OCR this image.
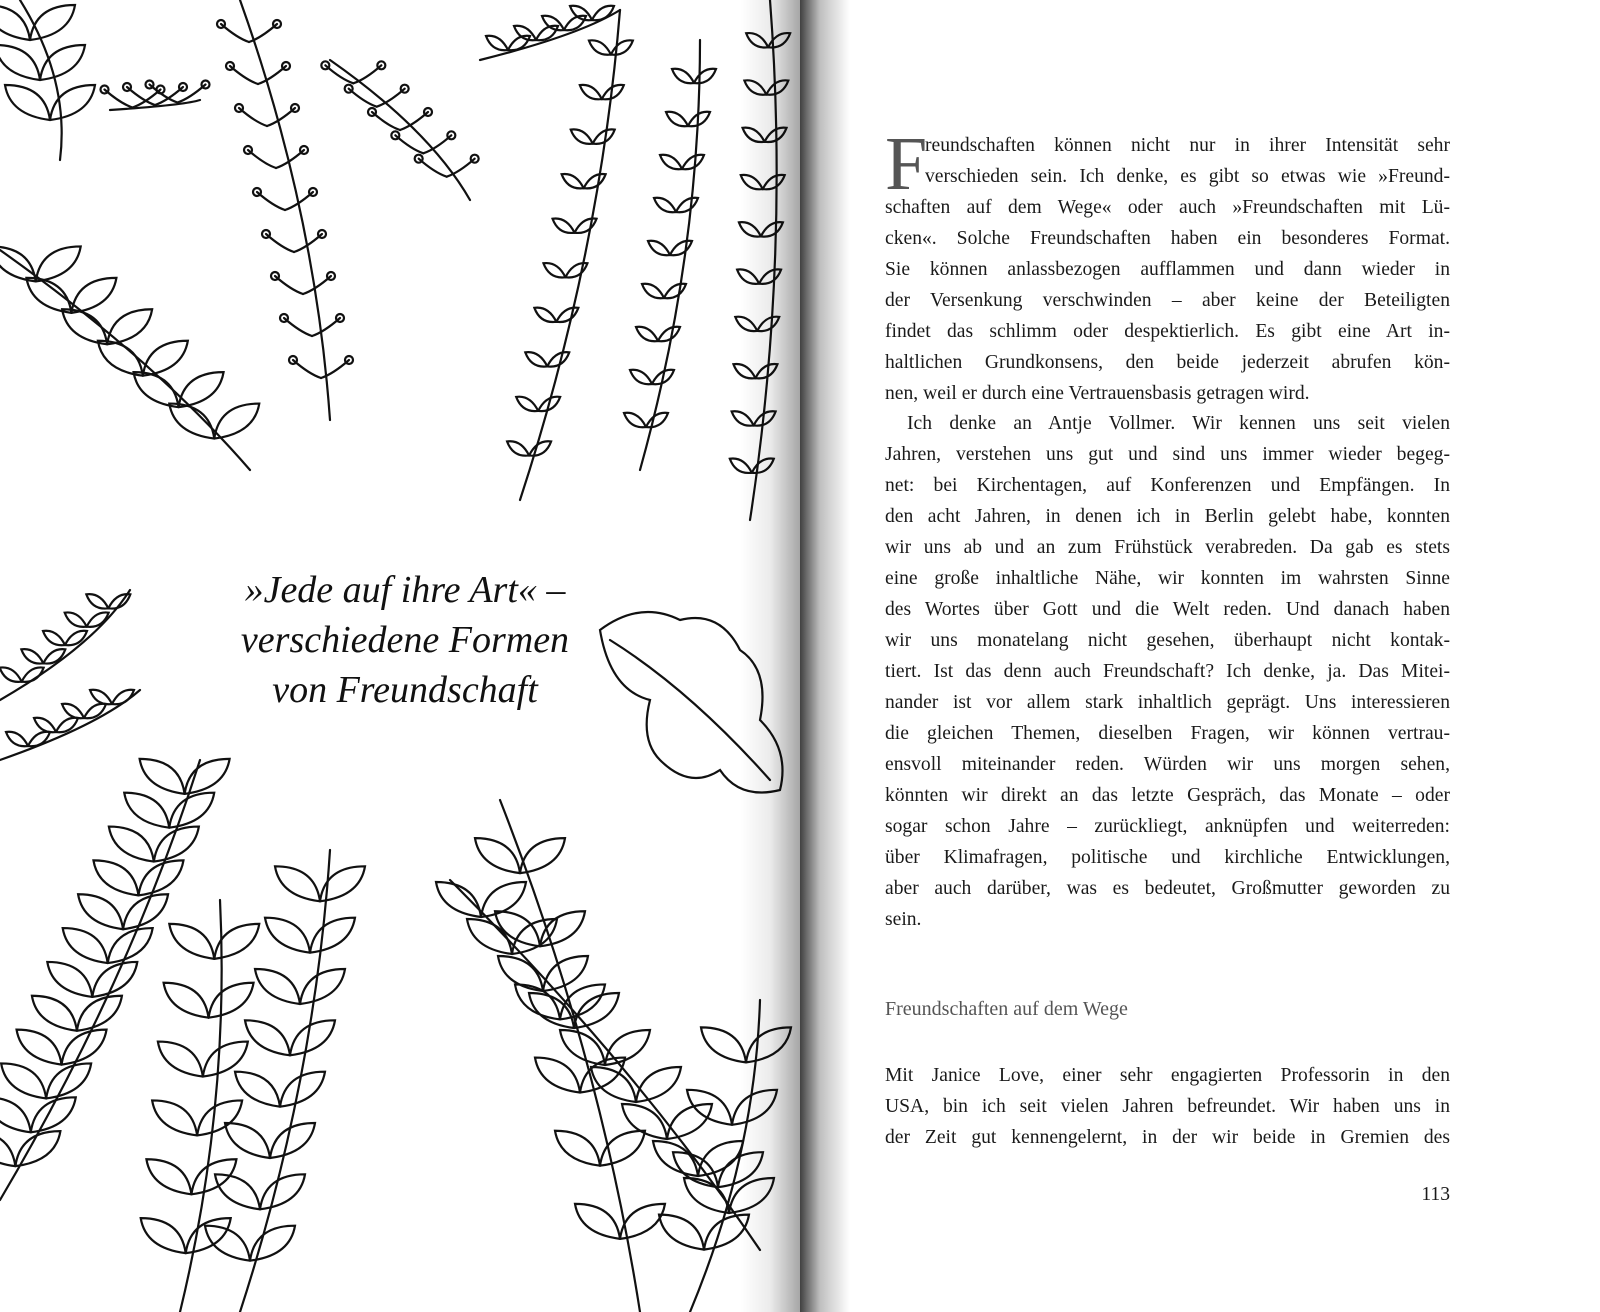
»Jede auf ihre Art« –
verschiedene Formen
von Freundschaft
F
reundschaften können nicht nur in ihrer Intensität sehr
verschieden sein. Ich denke, es gibt so etwas wie »Freund-
schaften auf dem Wege« oder auch »Freundschaften mit Lü-
cken«. Solche Freundschaften haben ein besonderes Format.
Sie können anlassbezogen aufflammen und dann wieder in
der Versenkung verschwinden – aber keine der Beteiligten
findet das schlimm oder despektierlich. Es gibt eine Art in-
haltlichen Grundkonsens, den beide jederzeit abrufen kön-
nen, weil er durch eine Vertrauensbasis getragen wird.
Ich denke an Antje Vollmer. Wir kennen uns seit vielen
Jahren, verstehen uns gut und sind uns immer wieder begeg-
net: bei Kirchentagen, auf Konferenzen und Empfängen. In
den acht Jahren, in denen ich in Berlin gelebt habe, konnten
wir uns ab und an zum Frühstück verabreden. Da gab es stets
eine große inhaltliche Nähe, wir konnten im wahrsten Sinne
des Wortes über Gott und die Welt reden. Und danach haben
wir uns monatelang nicht gesehen, überhaupt nicht kontak-
tiert. Ist das denn auch Freundschaft? Ich denke, ja. Das Mitei-
nander ist vor allem stark inhaltlich geprägt. Uns interessieren
die gleichen Themen, dieselben Fragen, wir können vertrau-
ensvoll miteinander reden. Würden wir uns morgen sehen,
könnten wir direkt an das letzte Gespräch, das Monate – oder
sogar schon Jahre – zurückliegt, anknüpfen und weiterreden:
über Klimafragen, politische und kirchliche Entwicklungen,
aber auch darüber, was es bedeutet, Großmutter geworden zu
sein.
Freundschaften auf dem Wege
Mit Janice Love, einer sehr engagierten Professorin in den
USA, bin ich seit vielen Jahren befreundet. Wir haben uns in
der Zeit gut kennengelernt, in der wir beide in Gremien des
113
